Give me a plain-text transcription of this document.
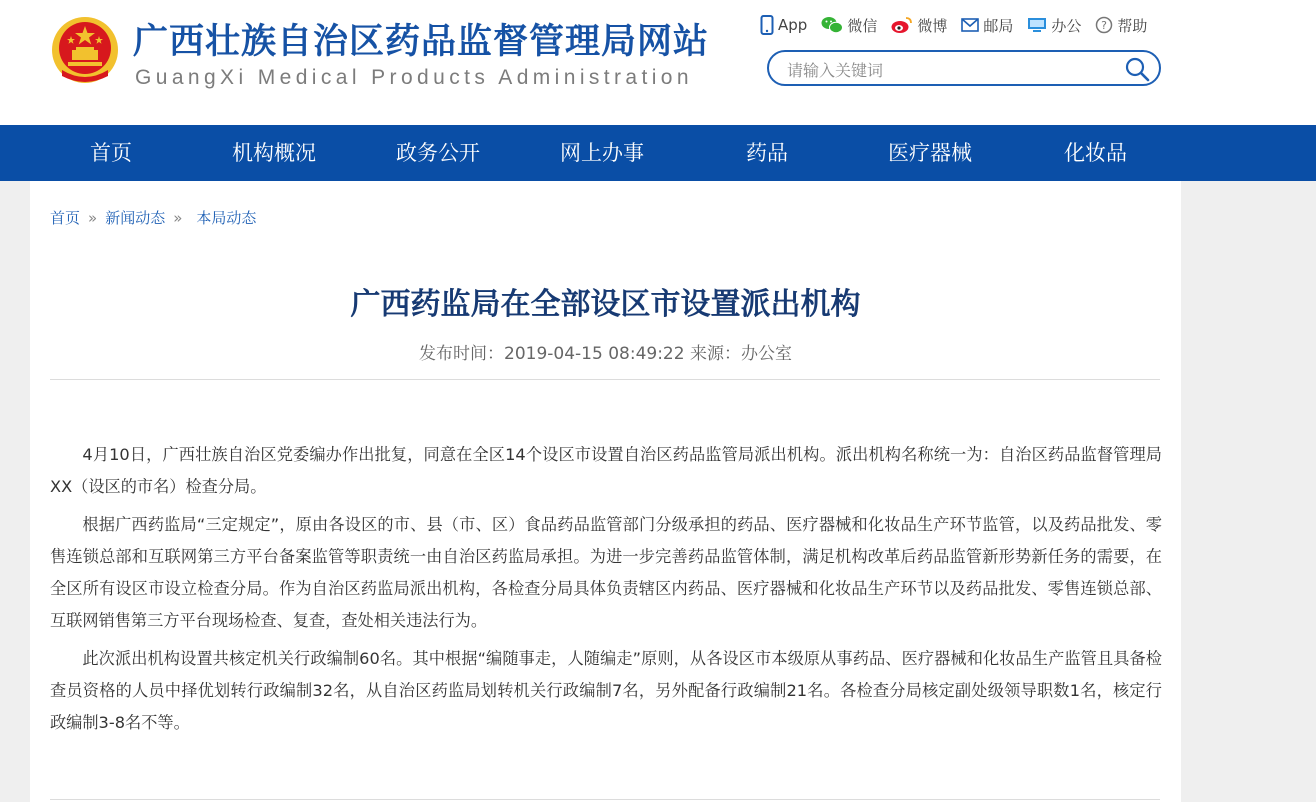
广西壮族自治区药品监督管理局网站
GuangXi Medical Products Administration
App	微信	微博 邮局	办公 ? 帮助
请输入关键词
首页	机构概况	政务公开	网上办事	药品	医疗器械	化妆品
首页 » 新闻动态 » 本局动态
广西药监局在全部设区市设置派出机构
发布时间：2019-04-15 08:49:22 来源：办公室

4月10日，广西壮族自治区党委编办作出批复，同意在全区14个设区市设置自治区药品监管局派出机构。派出机构名称统一为：自治区药品监督管理局XX（设区的市名）检查分局。

根据广西药监局“三定规定”，原由各设区的市、县（市、区）食品药品监管部门分级承担的药品、医疗器械和化妆品生产环节监管，以及药品批发、零售连锁总部和互联网第三方平台备案监管等职责统一由自治区药监局承担。为进一步完善药品监管体制，满足机构改革后药品监管新形势新任务的需要，在全区所有设区市设立检查分局。作为自治区药监局派出机构，各检查分局具体负责辖区内药品、医疗器械和化妆品生产环节以及药品批发、零售连锁总部、互联网销售第三方平台现场检查、复查，查处相关违法行为。

此次派出机构设置共核定机关行政编制60名。其中根据“编随事走，人随编走”原则，从各设区市本级原从事药品、医疗器械和化妆品生产监管且具备检查员资格的人员中择优划转行政编制32名，从自治区药监局划转机关行政编制7名，另外配备行政编制21名。各检查分局核定副处级领导职数1名，核定行政编制3-8名不等。
